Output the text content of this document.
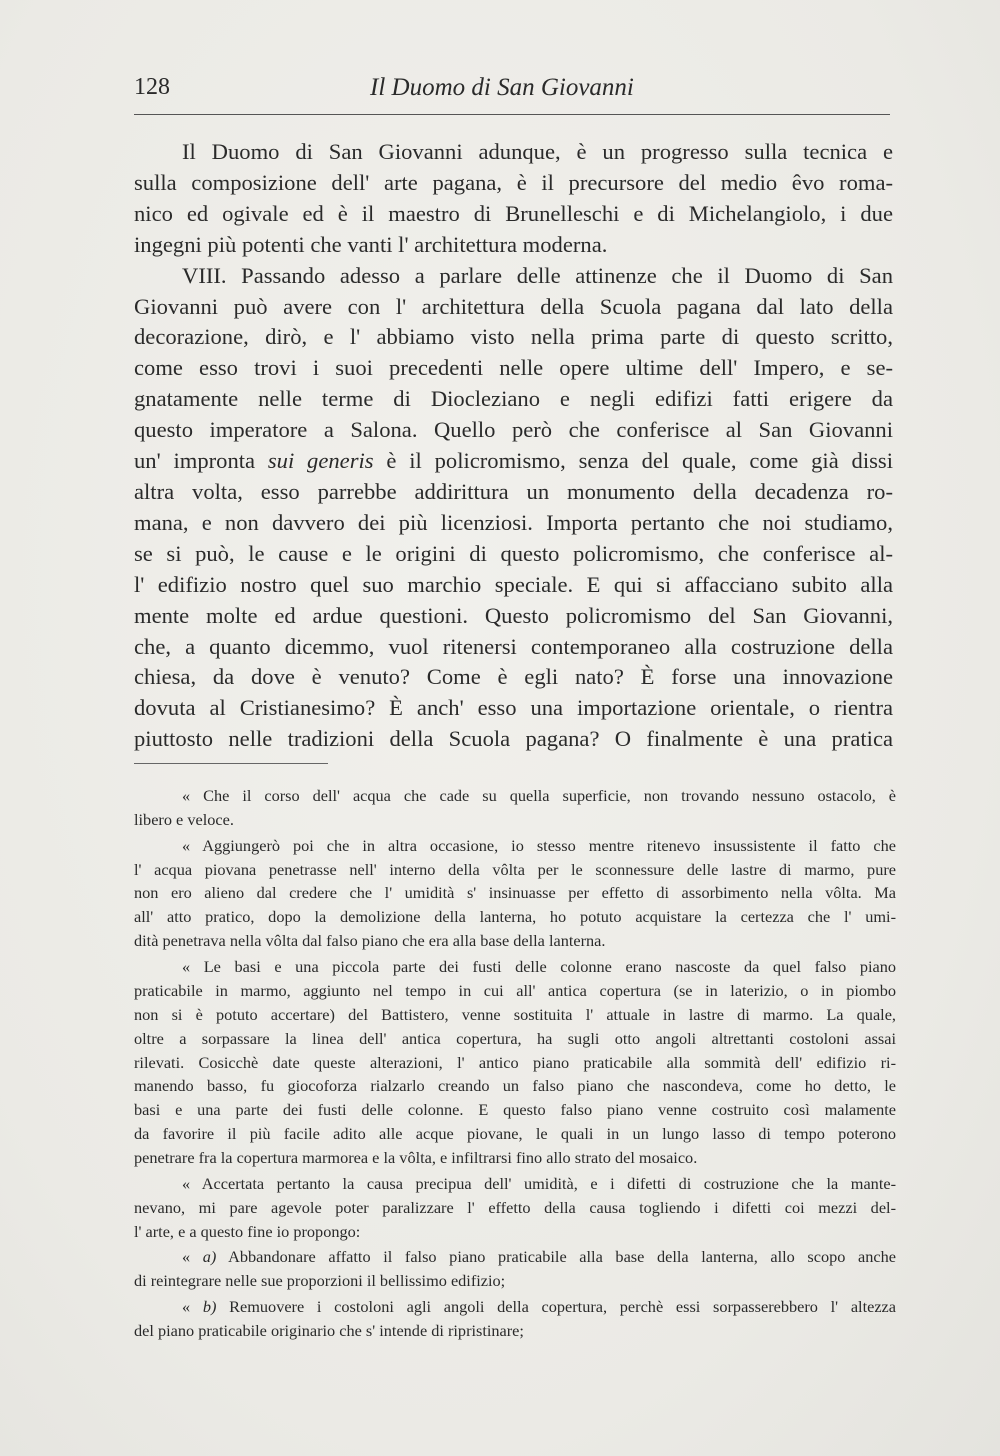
128	Il Duomo di San Giovanni
Il Duomo di San Giovanni adunque, è un progresso sulla tecnica e
sulla composizione dell' arte pagana, è il precursore del medio êvo roma-
nico ed ogivale ed è il maestro di Brunelleschi e di Michelangiolo, i due
ingegni più potenti che vanti l' architettura moderna.
VIII. Passando adesso a parlare delle attinenze che il Duomo di San
Giovanni può avere con l' architettura della Scuola pagana dal lato della
decorazione, dirò, e l' abbiamo visto nella prima parte di questo scritto,
come esso trovi i suoi precedenti nelle opere ultime dell' Impero, e se-
gnatamente nelle terme di Diocleziano e negli edifizi fatti erigere da
questo imperatore a Salona. Quello però che conferisce al San Giovanni
un' impronta sui generis è il policromismo, senza del quale, come già dissi
altra volta, esso parrebbe addirittura un monumento della decadenza ro-
mana, e non davvero dei più licenziosi. Importa pertanto che noi studiamo,
se si può, le cause e le origini di questo policromismo, che conferisce al-
l' edifizio nostro quel suo marchio speciale. E qui si affacciano subito alla
mente molte ed ardue questioni. Questo policromismo del San Giovanni,
che, a quanto dicemmo, vuol ritenersi contemporaneo alla costruzione della
chiesa, da dove è venuto? Come è egli nato? È forse una innovazione
dovuta al Cristianesimo? È anch' esso una importazione orientale, o rientra
piuttosto nelle tradizioni della Scuola pagana? O finalmente è una pratica
« Che il corso dell' acqua che cade su quella superficie, non trovando nessuno ostacolo, è
libero e veloce.
« Aggiungerò poi che in altra occasione, io stesso mentre ritenevo insussistente il fatto che
l' acqua piovana penetrasse nell' interno della vôlta per le sconnessure delle lastre di marmo, pure
non ero alieno dal credere che l' umidità s' insinuasse per effetto di assorbimento nella vôlta. Ma
all' atto pratico, dopo la demolizione della lanterna, ho potuto acquistare la certezza che l' umi-
dità penetrava nella vôlta dal falso piano che era alla base della lanterna.
« Le basi e una piccola parte dei fusti delle colonne erano nascoste da quel falso piano
praticabile in marmo, aggiunto nel tempo in cui all' antica copertura (se in laterizio, o in piombo
non si è potuto accertare) del Battistero, venne sostituita l' attuale in lastre di marmo. La quale,
oltre a sorpassare la linea dell' antica copertura, ha sugli otto angoli altrettanti costoloni assai
rilevati. Cosicchè date queste alterazioni, l' antico piano praticabile alla sommità dell' edifizio ri-
manendo basso, fu giocoforza rialzarlo creando un falso piano che nascondeva, come ho detto, le
basi e una parte dei fusti delle colonne. E questo falso piano venne costruito così malamente
da favorire il più facile adito alle acque piovane, le quali in un lungo lasso di tempo poterono
penetrare fra la copertura marmorea e la vôlta, e infiltrarsi fino allo strato del mosaico.
« Accertata pertanto la causa precipua dell' umidità, e i difetti di costruzione che la mante-
nevano, mi pare agevole poter paralizzare l' effetto della causa togliendo i difetti coi mezzi del-
l' arte, e a questo fine io propongo:
« a) Abbandonare affatto il falso piano praticabile alla base della lanterna, allo scopo anche
di reintegrare nelle sue proporzioni il bellissimo edifizio;
« b) Remuovere i costoloni agli angoli della copertura, perchè essi sorpasserebbero l' altezza
del piano praticabile originario che s' intende di ripristinare;
